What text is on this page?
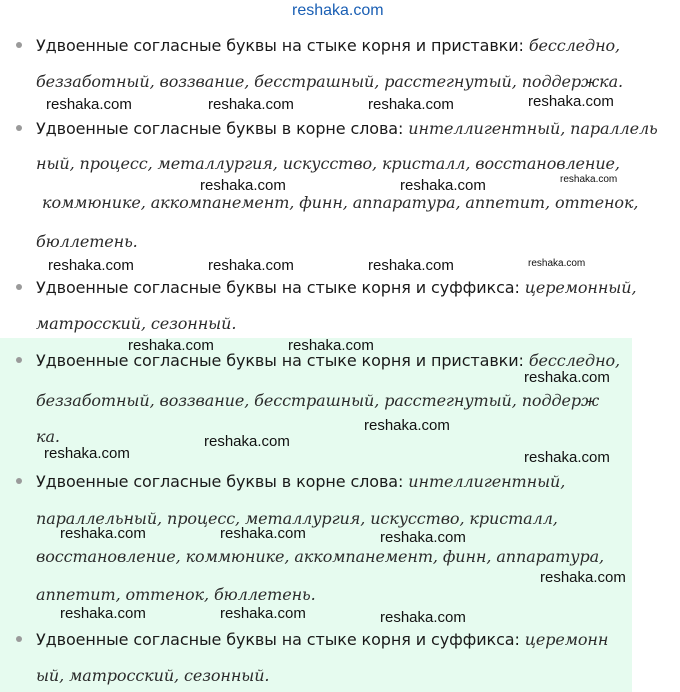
reshaka.com
Удвоенные согласные буквы на стыке корня и приставки: бесследно,
беззаботный, воззвание, бесстрашный, расстегнутый, поддержка.
Удвоенные согласные буквы в корне слова: интеллигентный, параллель
ный, процесс, металлургия, искусство, кристалл, восстановление,
коммюнике, аккомпанемент, финн, аппаратура, аппетит, оттенок,
бюллетень.
Удвоенные согласные буквы на стыке корня и суффикса: церемонный,
матросский, сезонный.
Удвоенные согласные буквы на стыке корня и приставки: бесследно,
беззаботный, воззвание, бесстрашный, расстегнутый, поддерж
ка.
Удвоенные согласные буквы в корне слова: интеллигентный,
параллельный, процесс, металлургия, искусство, кристалл,
восстановление, коммюнике, аккомпанемент, финн, аппаратура,
аппетит, оттенок, бюллетень.
Удвоенные согласные буквы на стыке корня и суффикса: церемонн
ый, матросский, сезонный.
reshaka.com	reshaka.com	reshaka.com	reshaka.com
reshaka.com	reshaka.com	reshaka.com
reshaka.com	reshaka.com	reshaka.com	reshaka.com
reshaka.com	reshaka.com
reshaka.com
reshaka.com
reshaka.com
reshaka.com	reshaka.com
reshaka.com	reshaka.com	reshaka.com
reshaka.com
reshaka.com	reshaka.com	reshaka.com
